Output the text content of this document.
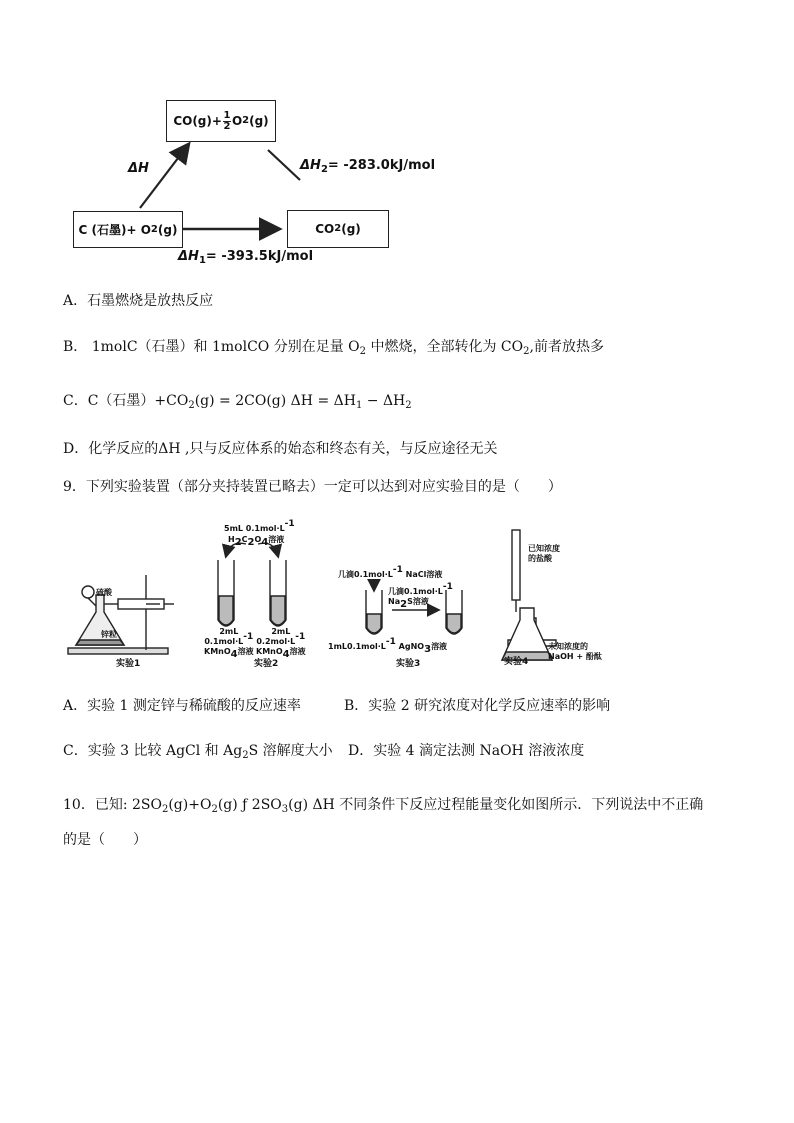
$CO(g)+ \frac{1}{2}$ O 2 (g)
C (石墨)+ O 2 (g)	CO 2 (g)
ΔH	$\Delta H_2= -283.0kJ/mol$
$\Delta H_1= -393.5kJ/mol$
A．石墨燃烧是放热反应
B． 1molC（石墨）和 1molCO 分别在足量 $O_2$ 中燃烧，全部转化为 $CO_2$,前者放热多
C．C（石墨）$+CO_2(g) = 2CO(g) \Delta H = \Delta H_1 - \Delta H_2$
D．化学反应的ΔH ,只与反应体系的始态和终态有关，与反应途径无关
9．下列实验装置（部分夹持装置已略去）一定可以达到对应实验目的是（　　）
硫酸
锌粒
实验1
5mL $0.1mol\cdot L^{-1}$
$H_2C_2O_4$溶液
2mL
$0.1mol\cdot L^{-1}$
KMnO$_4$溶液
2mL
$0.2mol\cdot L^{-1}$
KMnO$_4$溶液
实验2
几滴$0.1mol\cdot L^{-1}$ NaCl溶液
几滴$0.1mol\cdot L^{-1}$
$Na_2S$溶液
$1mL0.1mol\cdot L^{-1}$ AgNO$_3$溶液
实验3
已知浓度
的盐酸
未知浓度的
NaOH + 酚酞
实验4
A．实验 1 测定锌与稀硫酸的反应速率	B．实验 2 研究浓度对化学反应速率的影响
C．实验 3 比较 AgCl 和 $Ag_2S$ 溶解度大小 D．实验 4 滴定法测 NaOH 溶液浓度
10．已知: $2SO_2(g)+O_2(g)$ ƒ $2SO_3(g)$ ΔH 不同条件下反应过程能量变化如图所示．下列说法中不正确
的是（　　）
